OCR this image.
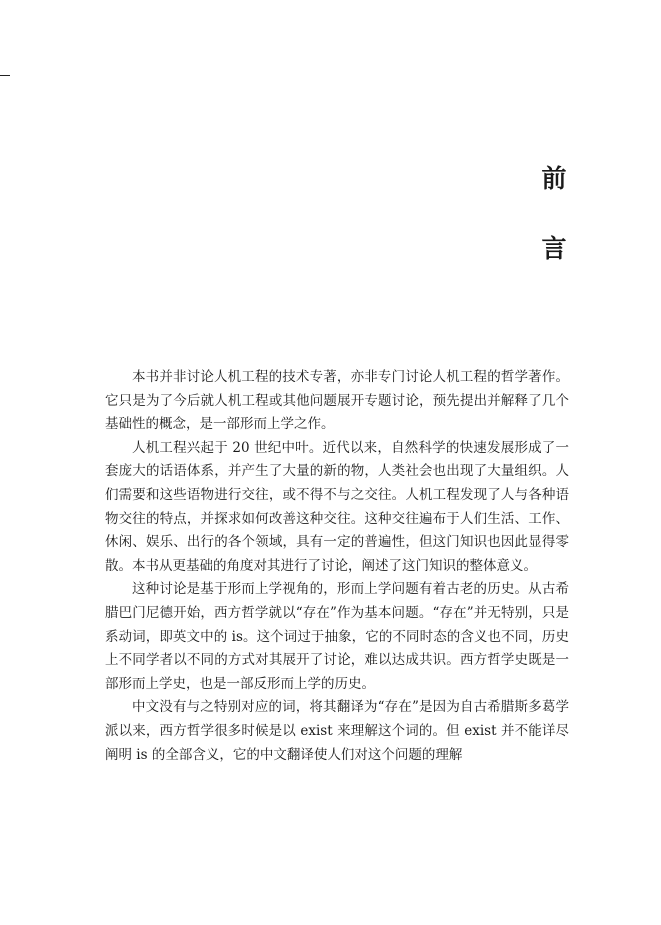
前
言

本书并非讨论人机工程的技术专著，亦非专门讨论人机工程的哲学著作。它只是为了今后就人机工程或其他问题展开专题讨论，预先提出并解释了几个基础性的概念，是一部形而上学之作。

人机工程兴起于 20 世纪中叶。近代以来，自然科学的快速发展形成了一套庞大的话语体系，并产生了大量的新的物，人类社会也出现了大量组织。人们需要和这些语物进行交往，或不得不与之交往。人机工程发现了人与各种语物交往的特点，并探求如何改善这种交往。这种交往遍布于人们生活、工作、休闲、娱乐、出行的各个领域，具有一定的普遍性，但这门知识也因此显得零散。本书从更基础的角度对其进行了讨论，阐述了这门知识的整体意义。

这种讨论是基于形而上学视角的，形而上学问题有着古老的历史。从古希腊巴门尼德开始，西方哲学就以“存在”作为基本问题。“存在”并无特别，只是系动词，即英文中的 is。这个词过于抽象，它的不同时态的含义也不同，历史上不同学者以不同的方式对其展开了讨论，难以达成共识。西方哲学史既是一部形而上学史，也是一部反形而上学的历史。

中文没有与之特别对应的词，将其翻译为“存在”是因为自古希腊斯多葛学派以来，西方哲学很多时候是以 exist 来理解这个词的。但 exist 并不能详尽阐明 is 的全部含义，它的中文翻译使人们对这个问题的理解
